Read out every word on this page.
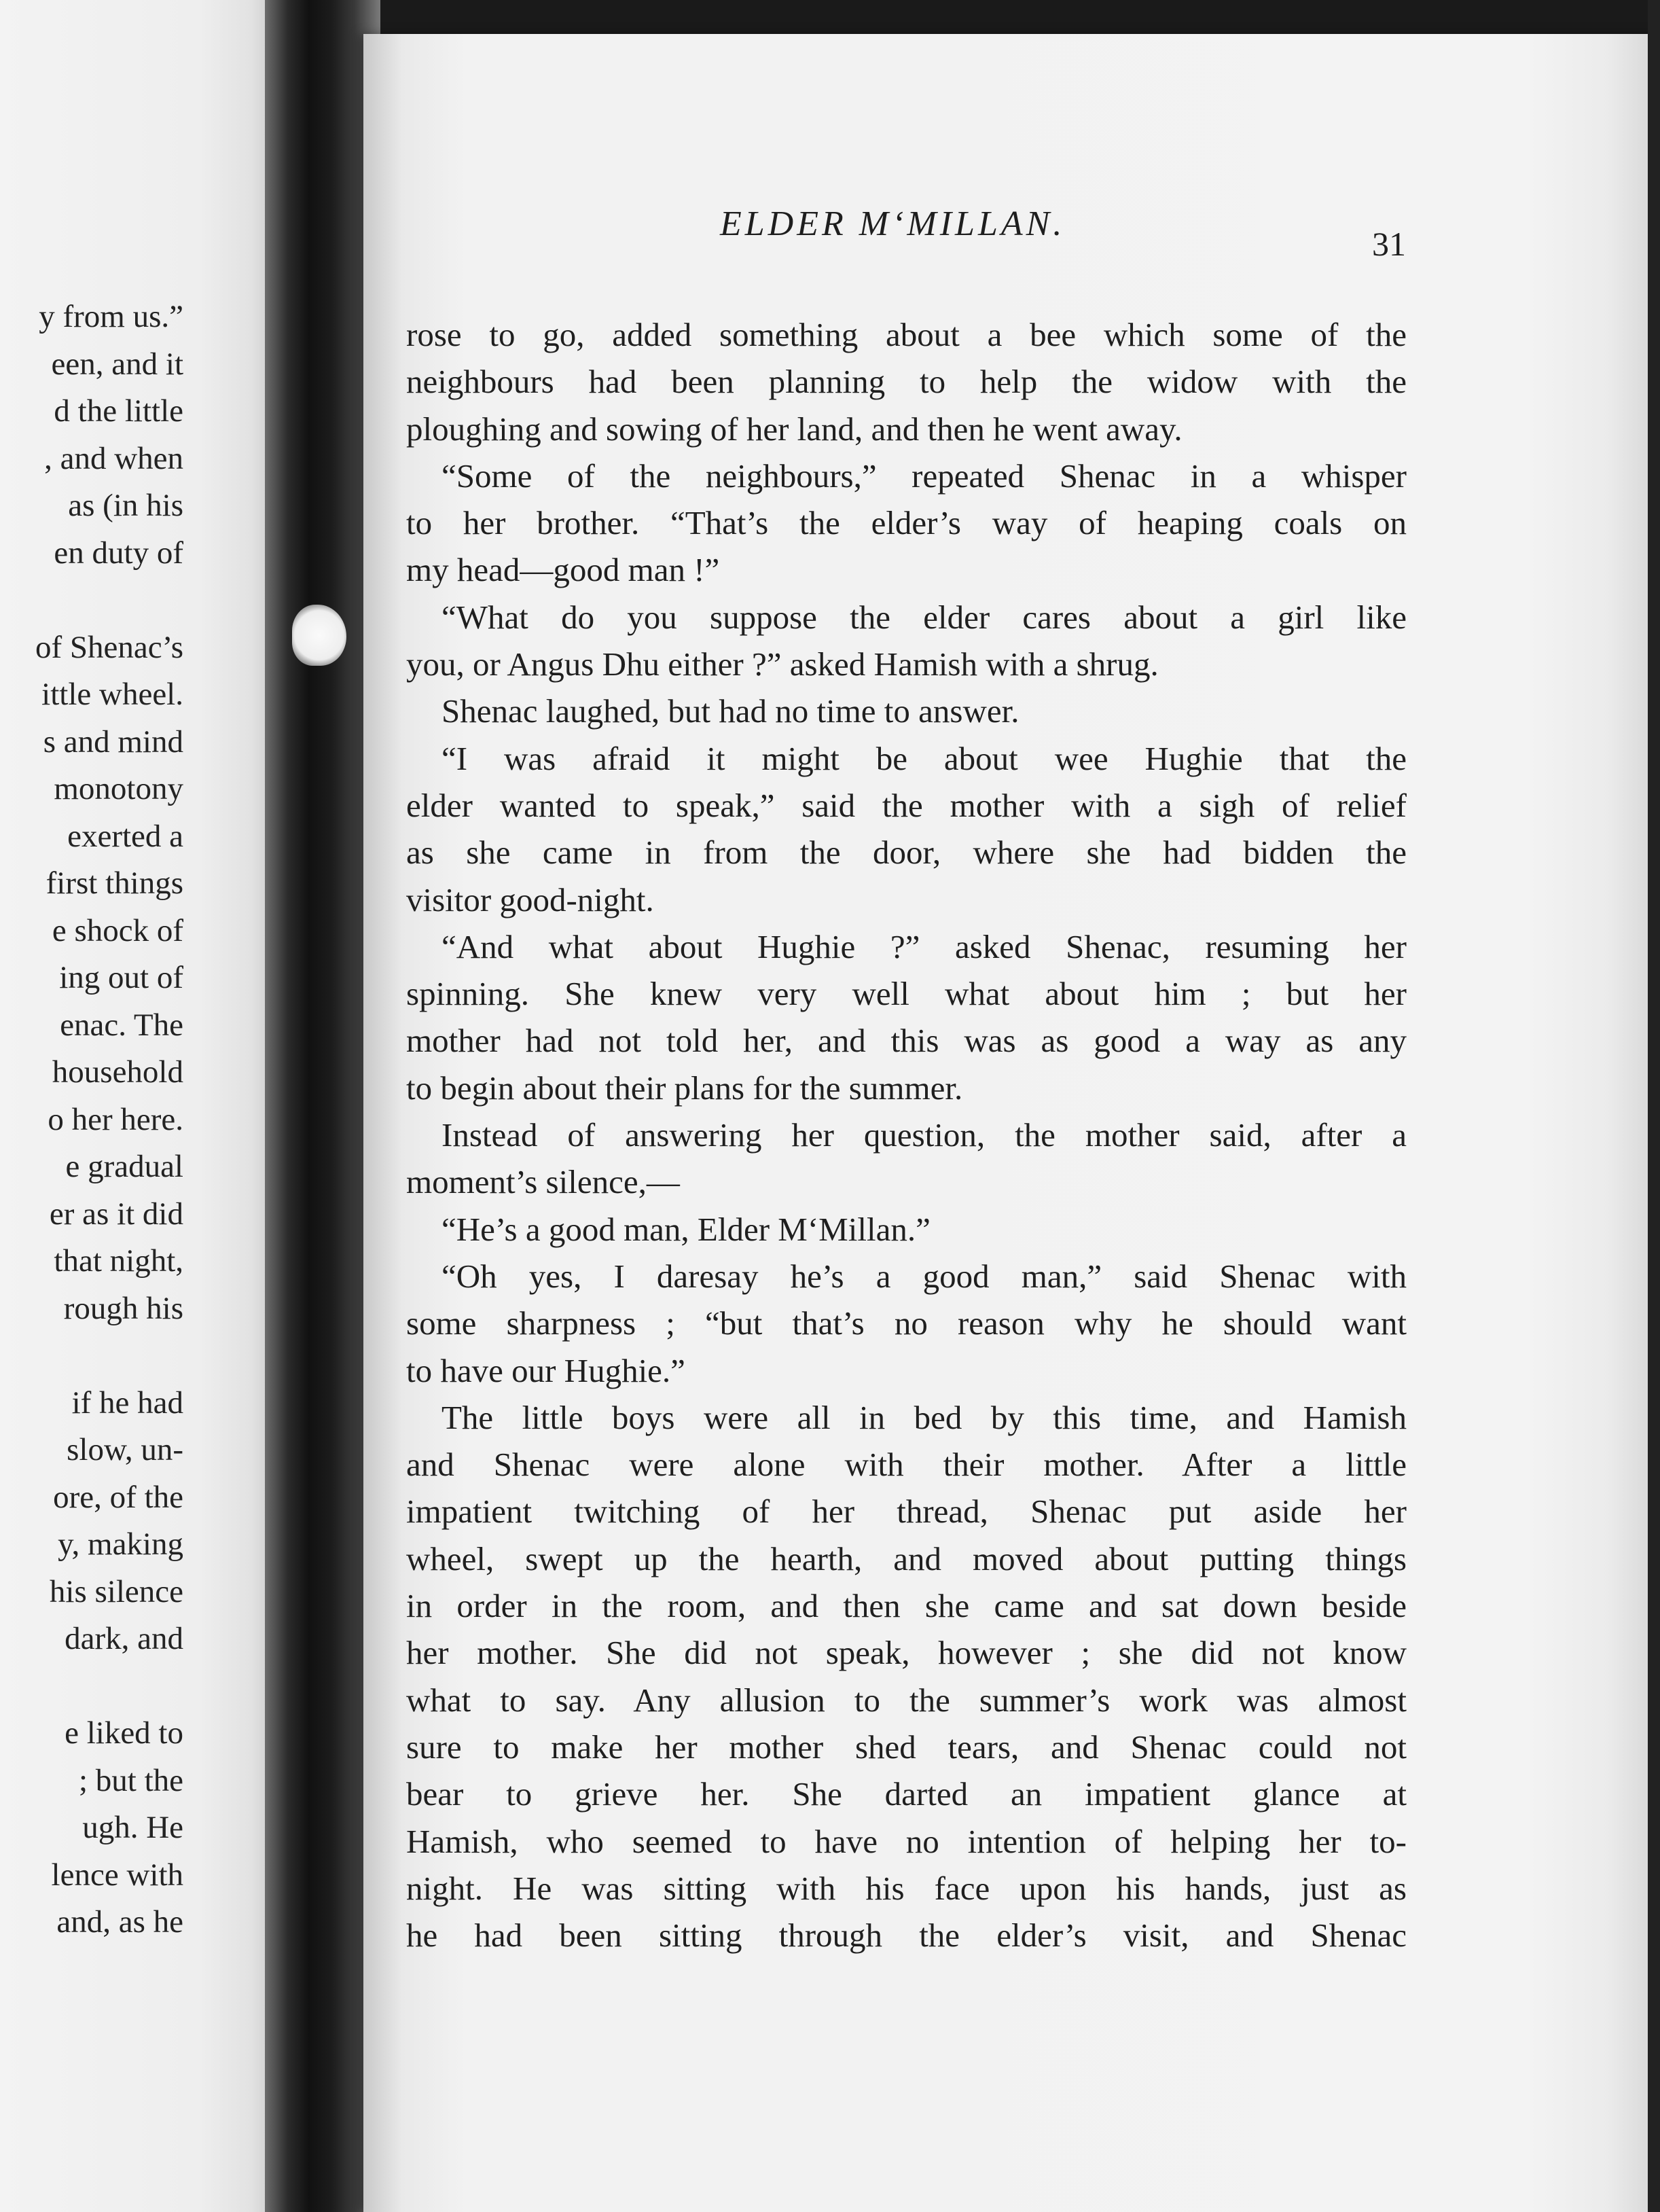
y from us.”
een, and it
d the little
, and when
as (in his
en duty of
of Shenac’s
ittle wheel.
s and mind
monotony
exerted a
first things
e shock of
ing out of
enac. The
household
o her here.
e gradual
er as it did
that night,
rough his
if he had
slow, un-
ore, of the
y, making
his silence
dark, and
e liked to
; but the
ugh. He
lence with
and, as he
ELDER M‘MILLAN.
31
rose to go, added something about a bee which some of the
neighbours had been planning to help the widow with the
ploughing and sowing of her land, and then he went away.
“Some of the neighbours,” repeated Shenac in a whisper
to her brother. “That’s the elder’s way of heaping coals on
my head—good man !”
“What do you suppose the elder cares about a girl like
you, or Angus Dhu either ?” asked Hamish with a shrug.
Shenac laughed, but had no time to answer.
“I was afraid it might be about wee Hughie that the
elder wanted to speak,” said the mother with a sigh of relief
as she came in from the door, where she had bidden the
visitor good-night.
“And what about Hughie ?” asked Shenac, resuming her
spinning. She knew very well what about him ; but her
mother had not told her, and this was as good a way as any
to begin about their plans for the summer.
Instead of answering her question, the mother said, after a
moment’s silence,—
“He’s a good man, Elder M‘Millan.”
“Oh yes, I daresay he’s a good man,” said Shenac with
some sharpness ; “but that’s no reason why he should want
to have our Hughie.”
The little boys were all in bed by this time, and Hamish
and Shenac were alone with their mother. After a little
impatient twitching of her thread, Shenac put aside her
wheel, swept up the hearth, and moved about putting things
in order in the room, and then she came and sat down beside
her mother. She did not speak, however ; she did not know
what to say. Any allusion to the summer’s work was almost
sure to make her mother shed tears, and Shenac could not
bear to grieve her. She darted an impatient glance at
Hamish, who seemed to have no intention of helping her to-
night. He was sitting with his face upon his hands, just as
he had been sitting through the elder’s visit, and Shenac
